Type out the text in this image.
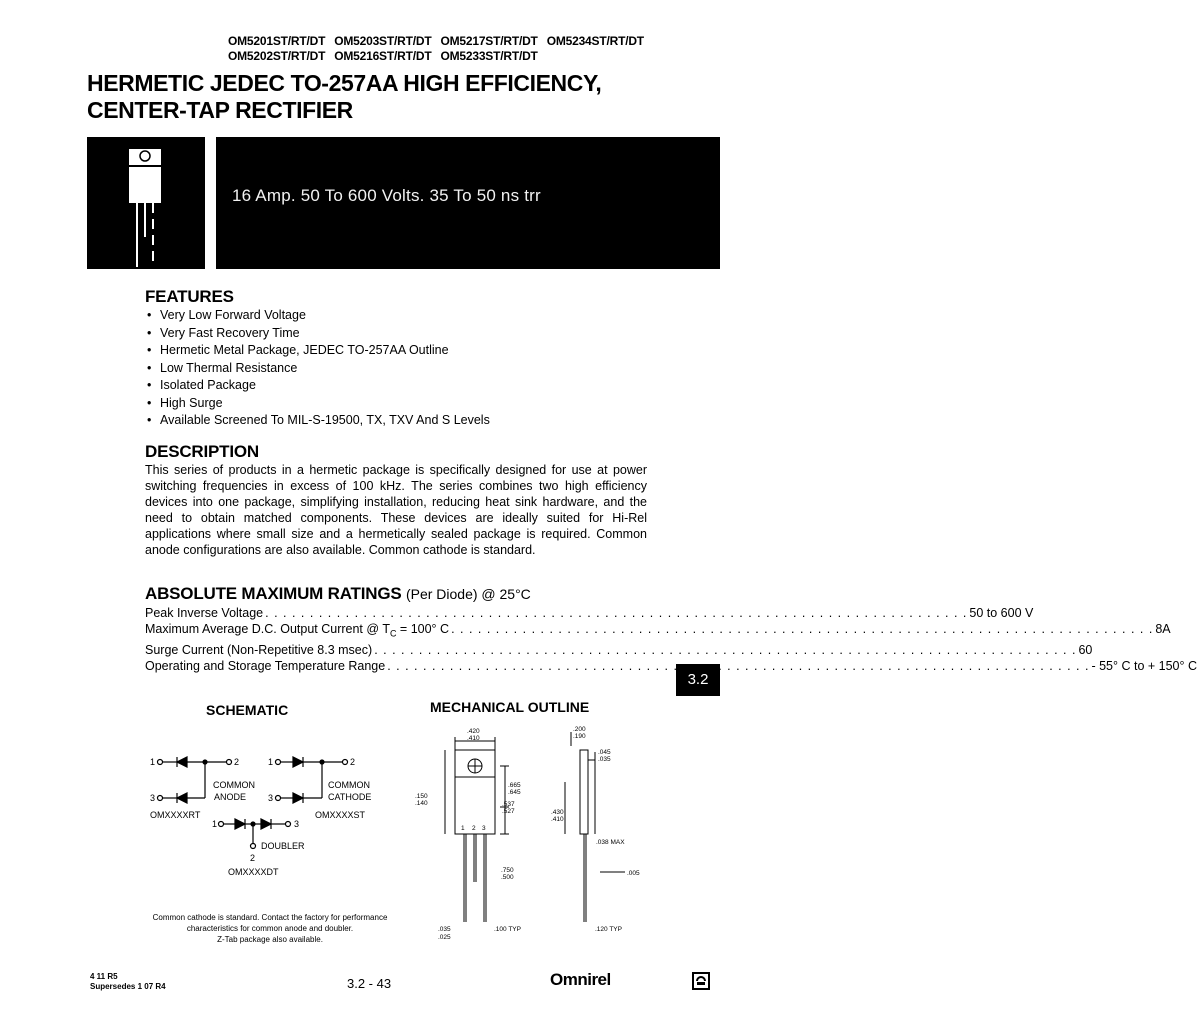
OM5201ST/RT/DT OM5203ST/RT/DT OM5217ST/RT/DT OM5234ST/RT/DT
OM5202ST/RT/DT OM5216ST/RT/DT OM5233ST/RT/DT
HERMETIC JEDEC TO-257AA HIGH EFFICIENCY,
CENTER-TAP RECTIFIER
16 Amp. 50 To 600 Volts. 35 To 50 ns trr
FEATURES
• Very Low Forward Voltage
• Very Fast Recovery Time
• Hermetic Metal Package, JEDEC TO-257AA Outline
• Low Thermal Resistance
• Isolated Package
• High Surge
• Available Screened To MIL-S-19500, TX, TXV And S Levels
DESCRIPTION

This series of products in a hermetic package is specifically designed for use at power switching frequencies in excess of 100 kHz. The series combines two high efficiency devices into one package, simplifying installation, reducing heat sink hardware, and the need to obtain matched components. These devices are ideally suited for Hi-Rel applications where small size and a hermetically sealed package is required. Common anode configurations are also available. Common cathode is standard.

ABSOLUTE MAXIMUM RATINGS (Per Diode) @ 25°C
Peak Inverse Voltage . . .	50 to 600 V
Maximum Average D.C. Output Current @ $T_C = 100^\circ$ C . . .	8A
Surge Current (Non-Repetitive 8.3 msec) . . .	60
Operating and Storage Temperature Range . . .	- 55° C to + 150° C
3.2
SCHEMATIC
1	2
3
COMMON
ANODE
OMXXXXRT
1	2
3
COMMON
CATHODE
OMXXXXST
1	3
DOUBLER
2
OMXXXXDT
MECHANICAL OUTLINE
.420
.410
.200
.190
.045
.035
.665
.645
.537
.527
.150
.140
.430
.410
.038 MAX
.750
.500
.100 TYP
.035
.025
.120 TYP
.005
1 2 3
Common cathode is standard. Contact the factory for performance
characteristics for common anode and doubler.
Z-Tab package also available.
4 11 R5
Supersedes 1 07 R4	3.2 - 43	Omnirel
